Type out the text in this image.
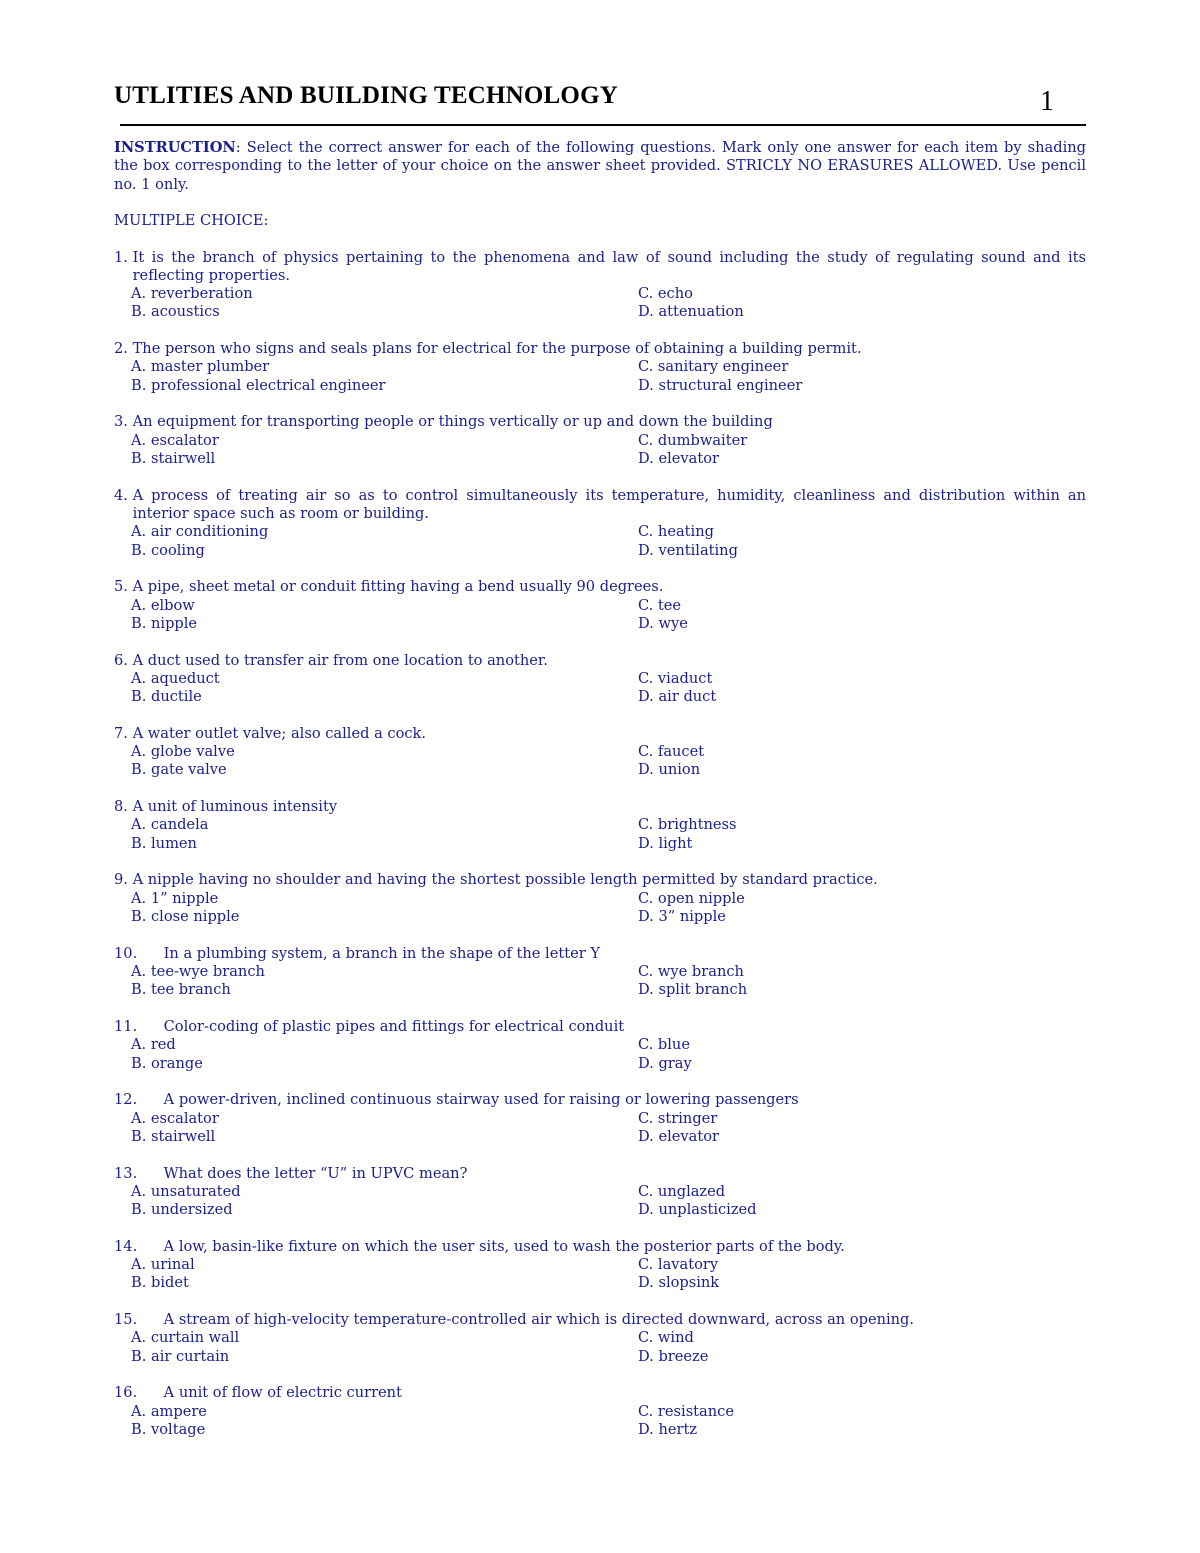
UTLITIES AND BUILDING TECHNOLOGY	1

INSTRUCTION: Select the correct answer for each of the following questions. Mark only one answer for each item by shading the box corresponding to the letter of your choice on the answer sheet provided. STRICLY NO ERASURES ALLOWED. Use pencil no. 1 only.

MULTIPLE CHOICE:
1.
It is the branch of physics pertaining to the phenomena and law of sound including the study of regulating sound and its reflecting properties.
A. reverberation	C. echo
B. acoustics	D. attenuation
2.
The person who signs and seals plans for electrical for the purpose of obtaining a building permit.
A. master plumber	C. sanitary engineer
B. professional electrical engineer	D. structural engineer
3.
An equipment for transporting people or things vertically or up and down the building
A. escalator	C. dumbwaiter
B. stairwell	D. elevator
4.
A process of treating air so as to control simultaneously its temperature, humidity, cleanliness and distribution within an interior space such as room or building.
A. air conditioning	C. heating
B. cooling	D. ventilating
5.
A pipe, sheet metal or conduit fitting having a bend usually 90 degrees.
A. elbow	C. tee
B. nipple	D. wye
6.
A duct used to transfer air from one location to another.
A. aqueduct	C. viaduct
B. ductile	D. air duct
7.
A water outlet valve; also called a cock.
A. globe valve	C. faucet
B. gate valve	D. union
8.
A unit of luminous intensity
A. candela	C. brightness
B. lumen	D. light
9.
A nipple having no shoulder and having the shortest possible length permitted by standard practice.
A. 1” nipple	C. open nipple
B. close nipple	D. 3” nipple
10.
	In a plumbing system, a branch in the shape of the letter Y
A. tee-wye branch	C. wye branch
B. tee branch	D. split branch
11.
	Color-coding of plastic pipes and fittings for electrical conduit
A. red	C. blue
B. orange	D. gray
12.
	A power-driven, inclined continuous stairway used for raising or lowering passengers
A. escalator	C. stringer
B. stairwell	D. elevator
13.
	What does the letter “U” in UPVC mean?
A. unsaturated	C. unglazed
B. undersized	D. unplasticized
14.
	A low, basin-like fixture on which the user sits, used to wash the posterior parts of the body.
A. urinal	C. lavatory
B. bidet	D. slopsink
15.
	A stream of high-velocity temperature-controlled air which is directed downward, across an opening.
A. curtain wall	C. wind
B. air curtain	D. breeze
16.
	A unit of flow of electric current
A. ampere	C. resistance
B. voltage	D. hertz
